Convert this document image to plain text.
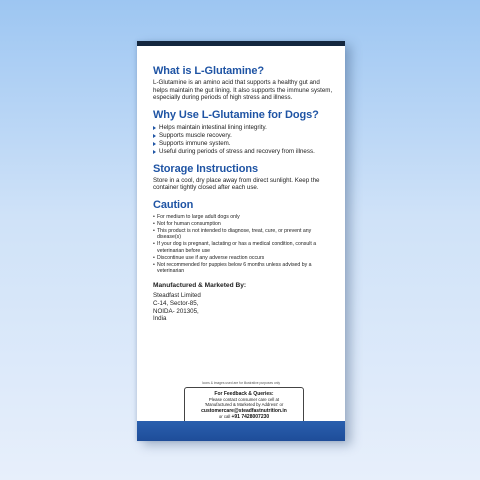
What is L-Glutamine?

L-Glutamine is an amino acid that supports a healthy gut and helps maintain the gut lining. It also supports the immune system, especially during periods of high stress and illness.

Why Use L-Glutamine for Dogs?
Helps maintain intestinal lining integrity.
Supports muscle recovery.
Supports immune system.
Useful during periods of stress and recovery from illness.
Storage Instructions

Store in a cool, dry place away from direct sunlight. Keep the container tightly closed after each use.

Caution
• For medium to large adult dogs only
• Not for human consumption
• This product is not intended to diagnose, treat, cure, or prevent any disease(s)
• If your dog is pregnant, lactating or has a medical condition, consult a veterinarian before use
• Discontinue use if any adverse reaction occurs
• Not recommended for puppies below 6 months unless advised by a veterinarian
Manufactured & Marketed By:
Steadfast Limited
C-14, Sector-85,
NOIDA- 201305,
India
Icons & images used are for illustrative purposes only
For Feedback & Queries:
Please contact consumer care cell at
'Manufactured & Marketed by Address' or
customercare@steadfastnutrition.in
or call +91 7428007230
